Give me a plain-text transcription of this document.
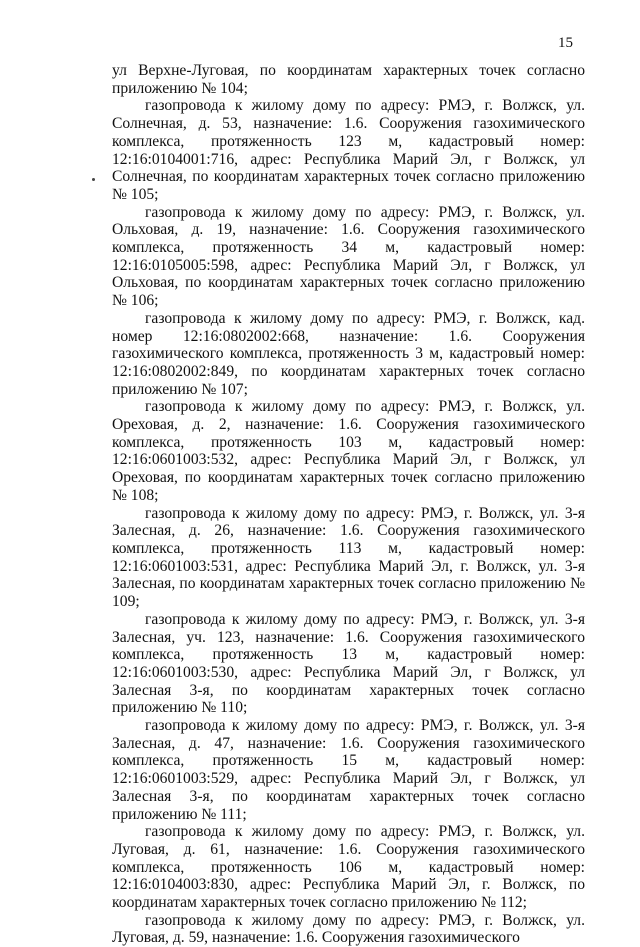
15

ул Верхне-Луговая, по координатам характерных точек согласно приложению № 104;

газопровода к жилому дому по адресу: РМЭ, г. Волжск, ул. Солнечная, д. 53, назначение: 1.6. Сооружения газохимического комплекса, протяженность 123 м, кадастровый номер: 12:16:0104001:716, адрес: Республика Марий Эл, г Волжск, ул Солнечная, по координатам характерных точек согласно приложению № 105;

газопровода к жилому дому по адресу: РМЭ, г. Волжск, ул. Ольховая, д. 19, назначение: 1.6. Сооружения газохимического комплекса, протяженность 34 м, кадастровый номер: 12:16:0105005:598, адрес: Республика Марий Эл, г Волжск, ул Ольховая, по координатам характерных точек согласно приложению № 106;

газопровода к жилому дому по адресу: РМЭ, г. Волжск, кад. номер 12:16:0802002:668, назначение: 1.6. Сооружения газохимического комплекса, протяженность 3 м, кадастровый номер: 12:16:0802002:849, по координатам характерных точек согласно приложению № 107;

газопровода к жилому дому по адресу: РМЭ, г. Волжск, ул. Ореховая, д. 2, назначение: 1.6. Сооружения газохимического комплекса, протяженность 103 м, кадастровый номер: 12:16:0601003:532, адрес: Республика Марий Эл, г Волжск, ул Ореховая, по координатам характерных точек согласно приложению № 108;

газопровода к жилому дому по адресу: РМЭ, г. Волжск, ул. 3-я Залесная, д. 26, назначение: 1.6. Сооружения газохимического комплекса, протяженность 113 м, кадастровый номер: 12:16:0601003:531, адрес: Республика Марий Эл, г. Волжск, ул. 3-я Залесная, по координатам характерных точек согласно приложению № 109;

газопровода к жилому дому по адресу: РМЭ, г. Волжск, ул. 3-я Залесная, уч. 123, назначение: 1.6. Сооружения газохимического комплекса, протяженность 13 м, кадастровый номер: 12:16:0601003:530, адрес: Республика Марий Эл, г Волжск, ул Залесная 3-я, по координатам характерных точек согласно приложению № 110;

газопровода к жилому дому по адресу: РМЭ, г. Волжск, ул. 3-я Залесная, д. 47, назначение: 1.6. Сооружения газохимического комплекса, протяженность 15 м, кадастровый номер: 12:16:0601003:529, адрес: Республика Марий Эл, г Волжск, ул Залесная 3-я, по координатам характерных точек согласно приложению № 111;

газопровода к жилому дому по адресу: РМЭ, г. Волжск, ул. Луговая, д. 61, назначение: 1.6. Сооружения газохимического комплекса, протяженность 106 м, кадастровый номер: 12:16:0104003:830, адрес: Республика Марий Эл, г. Волжск, по координатам характерных точек согласно приложению № 112;

газопровода к жилому дому по адресу: РМЭ, г. Волжск, ул. Луговая, д. 59, назначение: 1.6. Сооружения газохимического
